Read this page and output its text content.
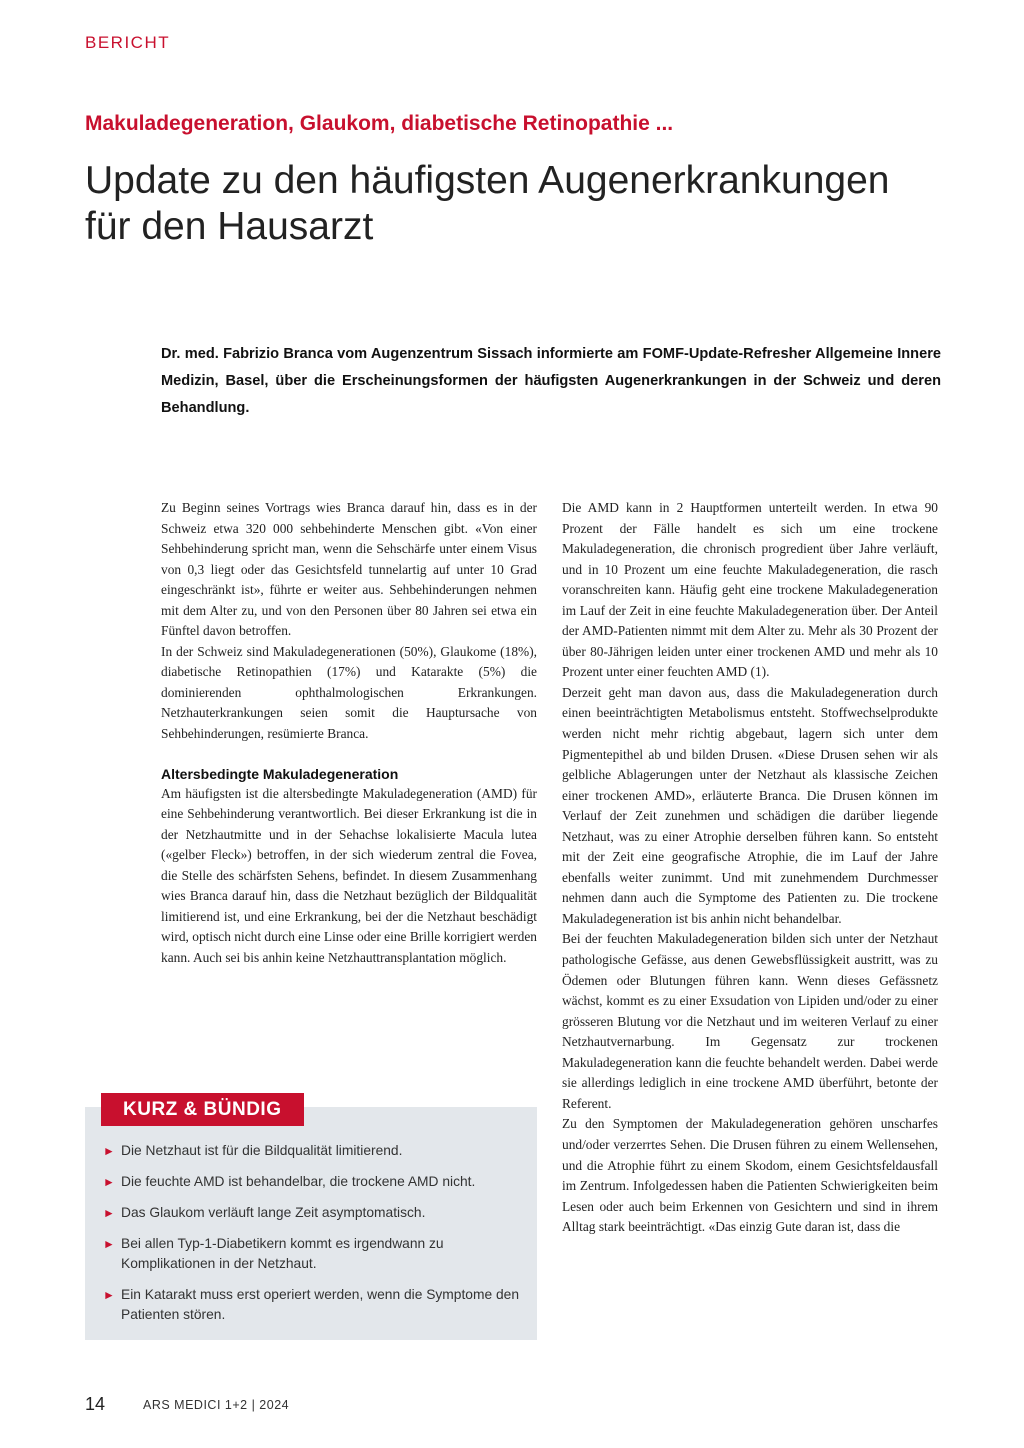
BERICHT
Makuladegeneration, Glaukom, diabetische Retinopathie ...
Update zu den häufigsten Augenerkrankungen
für den Hausarzt

Dr. med. Fabrizio Branca vom Augenzentrum Sissach informierte am FOMF-Update-Refresher Allgemeine Innere Medizin, Basel, über die Erscheinungsformen der häufigsten Augenerkrankungen in der Schweiz und deren Behandlung.

Zu Beginn seines Vortrags wies Branca darauf hin, dass es in der Schweiz etwa 320 000 sehbehinderte Menschen gibt. «Von einer Sehbehinderung spricht man, wenn die Sehschärfe unter einem Visus von 0,3 liegt oder das Gesichtsfeld tunnelartig auf unter 10 Grad eingeschränkt ist», führte er weiter aus. Sehbehinderungen nehmen mit dem Alter zu, und von den Personen über 80 Jahren sei etwa ein Fünftel davon betroffen.

In der Schweiz sind Makuladegenerationen (50%), Glaukome (18%), diabetische Retinopathien (17%) und Katarakte (5%) die dominierenden ophthalmologischen Erkrankungen. Netzhauterkrankungen seien somit die Hauptursache von Sehbehinderungen, resümierte Branca.

Altersbedingte Makuladegeneration

Am häufigsten ist die altersbedingte Makuladegeneration (AMD) für eine Sehbehinderung verantwortlich. Bei dieser Erkrankung ist die in der Netzhautmitte und in der Sehachse lokalisierte Macula lutea («gelber Fleck») betroffen, in der sich wiederum zentral die Fovea, die Stelle des schärfsten Sehens, befindet. In diesem Zusammenhang wies Branca darauf hin, dass die Netzhaut bezüglich der Bildqualität limitierend ist, und eine Erkrankung, bei der die Netzhaut beschädigt wird, optisch nicht durch eine Linse oder eine Brille korrigiert werden kann. Auch sei bis anhin keine Netzhauttransplantation möglich.

Die AMD kann in 2 Hauptformen unterteilt werden. In etwa 90 Prozent der Fälle handelt es sich um eine trockene Makuladegeneration, die chronisch progredient über Jahre verläuft, und in 10 Prozent um eine feuchte Makuladegeneration, die rasch voranschreiten kann. Häufig geht eine trockene Makuladegeneration im Lauf der Zeit in eine feuchte Makuladegeneration über. Der Anteil der AMD-Patienten nimmt mit dem Alter zu. Mehr als 30 Prozent der über 80-Jährigen leiden unter einer trockenen AMD und mehr als 10 Prozent unter einer feuchten AMD (1).

Derzeit geht man davon aus, dass die Makuladegeneration durch einen beeinträchtigten Metabolismus entsteht. Stoffwechselprodukte werden nicht mehr richtig abgebaut, lagern sich unter dem Pigmentepithel ab und bilden Drusen. «Diese Drusen sehen wir als gelbliche Ablagerungen unter der Netzhaut als klassische Zeichen einer trockenen AMD», erläuterte Branca. Die Drusen können im Verlauf der Zeit zunehmen und schädigen die darüber liegende Netzhaut, was zu einer Atrophie derselben führen kann. So entsteht mit der Zeit eine geografische Atrophie, die im Lauf der Jahre ebenfalls weiter zunimmt. Und mit zunehmendem Durchmesser nehmen dann auch die Symptome des Patienten zu. Die trockene Makuladegeneration ist bis anhin nicht behandelbar.

Bei der feuchten Makuladegeneration bilden sich unter der Netzhaut pathologische Gefässe, aus denen Gewebsflüssigkeit austritt, was zu Ödemen oder Blutungen führen kann. Wenn dieses Gefässnetz wächst, kommt es zu einer Exsudation von Lipiden und/oder zu einer grösseren Blutung vor die Netzhaut und im weiteren Verlauf zu einer Netzhautvernarbung. Im Gegensatz zur trockenen Makuladegeneration kann die feuchte behandelt werden. Dabei werde sie allerdings lediglich in eine trockene AMD überführt, betonte der Referent.

Zu den Symptomen der Makuladegeneration gehören unscharfes und/oder verzerrtes Sehen. Die Drusen führen zu einem Wellensehen, und die Atrophie führt zu einem Skodom, einem Gesichtsfeldausfall im Zentrum. Infolgedessen haben die Patienten Schwierigkeiten beim Lesen oder auch beim Erkennen von Gesichtern und sind in ihrem Alltag stark beeinträchtigt. «Das einzig Gute daran ist, dass die

KURZ & BÜNDIG
► Die Netzhaut ist für die Bildqualität limitierend.
► Die feuchte AMD ist behandelbar, die trockene AMD nicht.
► Das Glaukom verläuft lange Zeit asymptomatisch.
► Bei allen Typ-1-Diabetikern kommt es irgendwann zu Komplikationen in der Netzhaut.
► Ein Katarakt muss erst operiert werden, wenn die Symptome den Patienten stören.
14	ARS MEDICI 1+2 | 2024
